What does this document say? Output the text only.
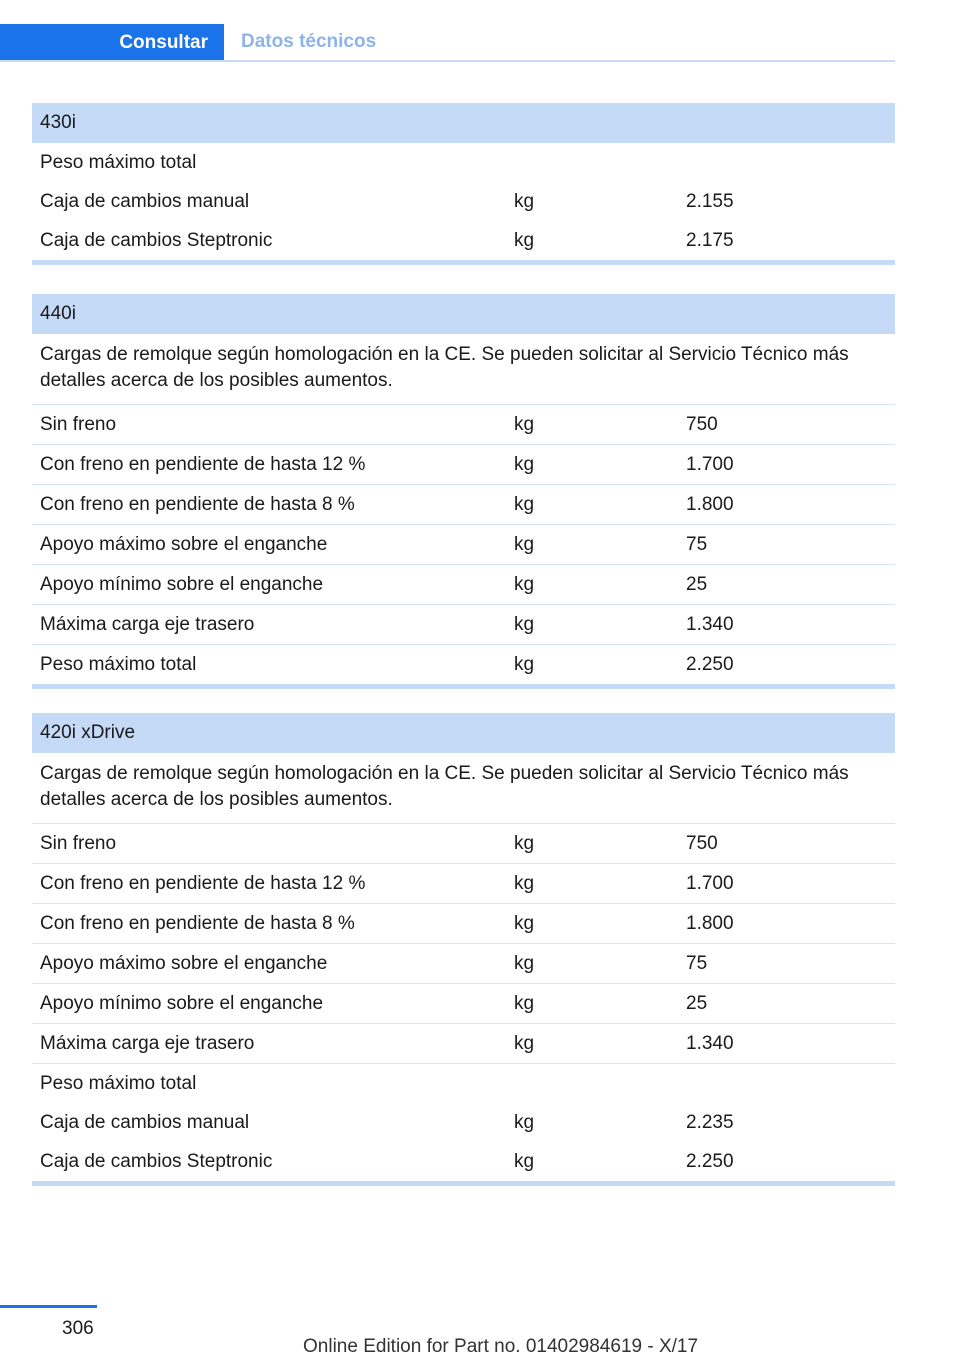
Consultar	Datos técnicos
430i
Peso máximo total
Caja de cambios manual	kg	2.155
Caja de cambios Steptronic	kg	2.175
440i
Cargas de remolque según homologación en la CE. Se pueden solicitar al Servicio Técnico más detalles acerca de los posibles aumentos.
Sin freno	kg	750
Con freno en pendiente de hasta 12 %	kg	1.700
Con freno en pendiente de hasta 8 %	kg	1.800
Apoyo máximo sobre el enganche	kg	75
Apoyo mínimo sobre el enganche	kg	25
Máxima carga eje trasero	kg	1.340
Peso máximo total	kg	2.250
420i xDrive
Cargas de remolque según homologación en la CE. Se pueden solicitar al Servicio Técnico más detalles acerca de los posibles aumentos.
Sin freno	kg	750
Con freno en pendiente de hasta 12 %	kg	1.700
Con freno en pendiente de hasta 8 %	kg	1.800
Apoyo máximo sobre el enganche	kg	75
Apoyo mínimo sobre el enganche	kg	25
Máxima carga eje trasero	kg	1.340
Peso máximo total
Caja de cambios manual	kg	2.235
Caja de cambios Steptronic	kg	2.250
306
Online Edition for Part no. 01402984619 - X/17
